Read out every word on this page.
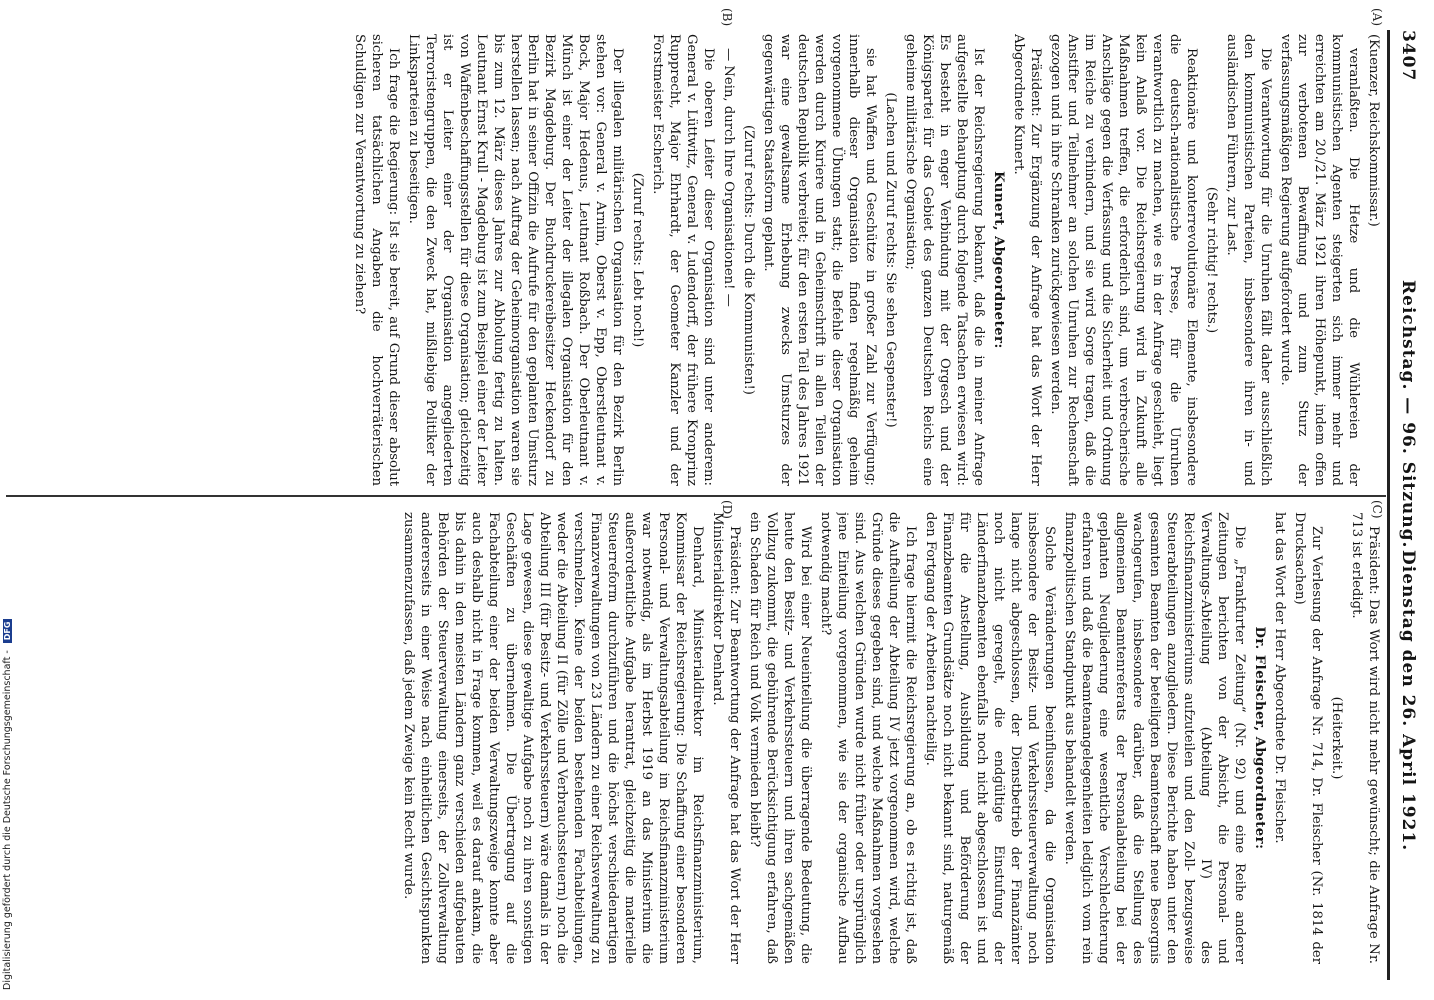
3407
Reichstag. — 96. Sitzung.
Dienstag den 26. April 1921.
(A)
(B)
(C)
(D)

(Kuenzer, Reichskommissar.)

veranlaßten. Die Hetze und die Wühlereien der kommunistischen Agenten steigerten sich immer mehr und erreichten am 20./21. März 1921 ihren Höhepunkt, indem offen zur verbotenen Bewaffnung und zum Sturz der verfassungsmäßigen Regierung aufgefordert wurde.

Die Verantwortung für die Unruhen fällt daher ausschließlich den kommunistischen Parteien, insbesondere ihren in- und ausländischen Führern, zur Last.

(Sehr richtig! rechts.)

Reaktionäre und konterrevolutionäre Elemente, insbesondere die deutsch-nationalistische Presse, für die Unruhen verantwortlich zu machen, wie es in der Anfrage geschieht, liegt kein Anlaß vor. Die Reichsregierung wird in Zukunft alle Maßnahmen treffen, die erforderlich sind, um verbrecherische Anschläge gegen die Verfassung und die Sicherheit und Ordnung im Reiche zu verhindern, und sie wird Sorge tragen, daß die Anstifter und Teilnehmer an solchen Unruhen zur Rechenschaft gezogen und in ihre Schranken zurückgewiesen werden.

Präsident: Zur Ergänzung der Anfrage hat das Wort der Herr Abgeordnete Kunert.

Kunert, Abgeordneter:

Ist der Reichsregierung bekannt, daß die in meiner Anfrage aufgestellte Behauptung durch folgende Tatsachen erwiesen wird: Es besteht in enger Verbindung mit der Orgesch und der Königspartei für das Gebiet des ganzen Deutschen Reichs eine geheime militärische Organisation;

(Lachen und Zuruf rechts: Sie sehen Gespenster!)

sie hat Waffen und Geschütze in großer Zahl zur Verfügung; innerhalb dieser Organisation finden regelmäßig geheim vorgenommene Übungen statt; die Befehle dieser Organisation werden durch Kuriere und in Geheimschrift in allen Teilen der deutschen Republik verbreitet; für den ersten Teil des Jahres 1921 war eine gewaltsame Erhebung zwecks Umsturzes der gegenwärtigen Staatsform geplant.

(Zuruf rechts: Durch die Kommunisten!)

— Nein, durch Ihre Organisationen! —

Die oberen Leiter dieser Organisation sind unter anderem: General v. Lüttwitz, General v. Ludendorff, der frühere Kronprinz Rupprecht, Major Ehrhardt, der Geometer Kanzler und der Forstmeister Escherich.

(Zuruf rechts: Lebt noch!)

Der illegalen militärischen Organisation für den Bezirk Berlin stehen vor: General v. Arnim, Oberst v. Epp, Oberstleutnant v. Bock, Major Hedenus, Leutnant Roßbach. Der Oberleutnant v. Münch ist einer der Leiter der illegalen Organisation für den Bezirk Magdeburg. Der Buchdruckereibesitzer Heckendorf zu Berlin hat in seiner Offizin die Aufrufe für den geplanten Umsturz herstellen lassen; nach Auftrag der Geheimorganisation waren sie bis zum 12. März dieses Jahres zur Abholung fertig zu halten. Leutnant Ernst Krull - Magdeburg ist zum Beispiel einer der Leiter von Waffenbeschaffungsstellen für diese Organisation; gleichzeitig ist er Leiter einer der Organisation angegliederten Terroristengruppen, die den Zweck hat, mißliebige Politiker der Linksparteien zu beseitigen.

Ich frage die Regierung: Ist sie bereit, auf Grund dieser absolut sicheren tatsächlichen Angaben die hochverräterischen Schuldigen zur Verantwortung zu ziehen?

Präsident: Das Wort wird nicht mehr gewünscht; die Anfrage Nr. 713 ist erledigt.

(Heiterkeit.)

Zur Verlesung der Anfrage Nr. 714, Dr. Fleischer (Nr. 1814 der Drucksachen)

hat das Wort der Herr Abgeordnete Dr. Fleischer.

Dr. Fleischer, Abgeordneter:

Die „Frankfurter Zeitung“ (Nr. 92) und eine Reihe anderer Zeitungen berichten von der Absicht, die Personal- und Verwaltungs-Abteilung (Abteilung IV) des Reichsfinanzministeriums aufzuteilen und den Zoll- bezugsweise Steuerabteilungen anzugliedern. Diese Berichte haben unter den gesamten Beamten der beteiligten Beamtenschaft neue Besorgnis wachgerufen, insbesondere darüber, daß die Stellung des allgemeinen Beamtenreferats der Personalabteilung bei der geplanten Neugliederung eine wesentliche Verschlechterung erfahren und daß die Beamtenangelegenheiten lediglich vom rein finanzpolitischen Standpunkt aus behandelt werden.

Solche Veränderungen beeinflussen, da die Organisation insbesondere der Besitz- und Verkehrssteuerverwaltung noch lange nicht abgeschlossen, der Dienstbetrieb der Finanzämter noch nicht geregelt, die endgültige Einstufung der Länderfinanzbeamten ebenfalls noch nicht abgeschlossen ist und für die Anstellung, Ausbildung und Beförderung der Finanzbeamten Grundsätze noch nicht bekannt sind, naturgemäß den Fortgang der Arbeiten nachteilig.

Ich frage hiermit die Reichsregierung an, ob es richtig ist, daß die Aufteilung der Abteilung IV jetzt vorgenommen wird, welche Gründe dieses gegeben sind, und welche Maßnahmen vorgesehen sind. Aus welchen Gründen wurde nicht früher oder ursprünglich jene Einteilung vorgenommen, wie sie der organische Aufbau notwendig macht?

Wird bei einer Neueinteilung die überragende Bedeutung, die heute den Besitz- und Verkehrssteuern und ihren sachgemäßen Vollzug zukommt, die gebührende Berücksichtigung erfahren, daß ein Schaden für Reich und Volk vermieden bleibt?

Präsident: Zur Beantwortung der Anfrage hat das Wort der Herr Ministerialdirektor Denhard.

Denhard, Ministerialdirektor im Reichsfinanzministerium, Kommissar der Reichsregierung: Die Schaffung einer besonderen Personal- und Verwaltungsabteilung im Reichsfinanzministerium war notwendig, als im Herbst 1919 an das Ministerium die außerordentliche Aufgabe herantrat, gleichzeitig die materielle Steuerreform durchzuführen und die höchst verschiedenartigen Finanzverwaltungen von 23 Ländern zu einer Reichsverwaltung zu verschmelzen. Keine der beiden bestehenden Fachabteilungen, weder die Abteilung II (für Zölle und Verbrauchssteuern) noch die Abteilung III (für Besitz- und Verkehrssteuern) wäre damals in der Lage gewesen, diese gewaltige Aufgabe noch zu ihren sonstigen Geschäften zu übernehmen. Die Übertragung auf die Fachabteilung einer der beiden Verwaltungszweige konnte aber auch deshalb nicht in Frage kommen, weil es darauf ankam, die bis dahin in den meisten Ländern ganz verschieden aufgebauten Behörden der Steuerverwaltung einerseits, der Zollverwaltung andererseits in einer Weise nach einheitlichen Gesichtspunkten zusammenzufassen, daß jedem Zweige kein Recht wurde.

Digitalisierung gefördert durch die Deutsche Forschungsgemeinschaft - DFG
